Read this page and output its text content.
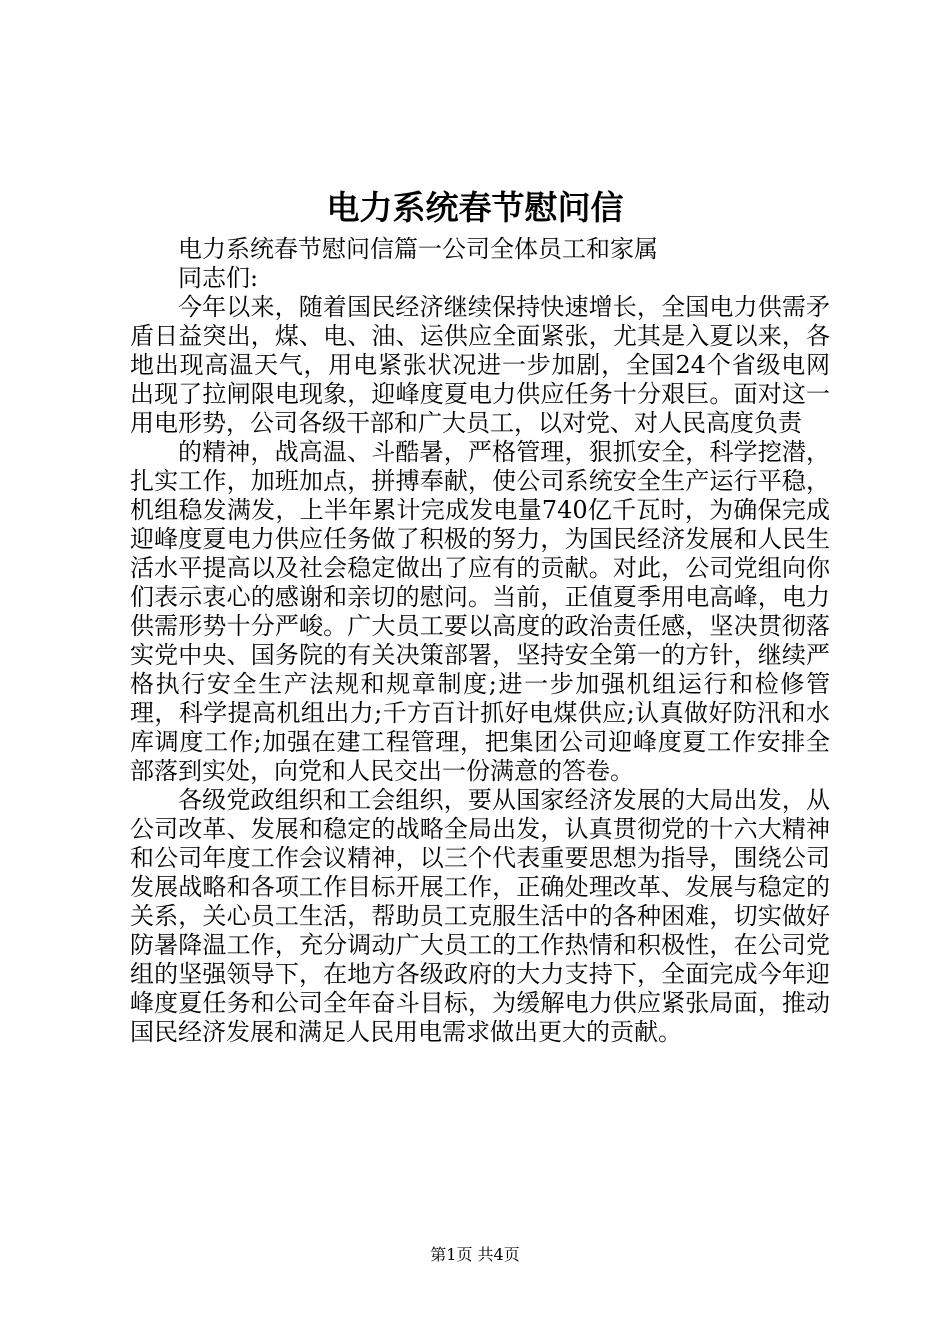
电力系统春节慰问信

电力系统春节慰问信篇一公司全体员工和家属

同志们:

今年以来，随着国民经济继续保持快速增长，全国电力供需矛盾日益突出，煤、电、油、运供应全面紧张，尤其是入夏以来，各地出现高温天气，用电紧张状况进一步加剧，全国24个省级电网出现了拉闸限电现象，迎峰度夏电力供应任务十分艰巨。面对这一用电形势，公司各级干部和广大员工，以对党、对人民高度负责

的精神，战高温、斗酷暑，严格管理，狠抓安全，科学挖潜，扎实工作，加班加点，拼搏奉献，使公司系统安全生产运行平稳，机组稳发满发，上半年累计完成发电量740亿千瓦时，为确保完成迎峰度夏电力供应任务做了积极的努力，为国民经济发展和人民生活水平提高以及社会稳定做出了应有的贡献。对此，公司党组向你们表示衷心的感谢和亲切的慰问。当前，正值夏季用电高峰，电力供需形势十分严峻。广大员工要以高度的政治责任感，坚决贯彻落实党中央、国务院的有关决策部署，坚持安全第一的方针，继续严格执行安全生产法规和规章制度;进一步加强机组运行和检修管理，科学提高机组出力;千方百计抓好电煤供应;认真做好防汛和水库调度工作;加强在建工程管理，把集团公司迎峰度夏工作安排全部落到实处，向党和人民交出一份满意的答卷。

各级党政组织和工会组织，要从国家经济发展的大局出发，从公司改革、发展和稳定的战略全局出发，认真贯彻党的十六大精神和公司年度工作会议精神，以三个代表重要思想为指导，围绕公司发展战略和各项工作目标开展工作，正确处理改革、发展与稳定的关系，关心员工生活，帮助员工克服生活中的各种困难，切实做好防暑降温工作，充分调动广大员工的工作热情和积极性，在公司党组的坚强领导下，在地方各级政府的大力支持下，全面完成今年迎峰度夏任务和公司全年奋斗目标，为缓解电力供应紧张局面，推动国民经济发展和满足人民用电需求做出更大的贡献。

第1页 共4页
